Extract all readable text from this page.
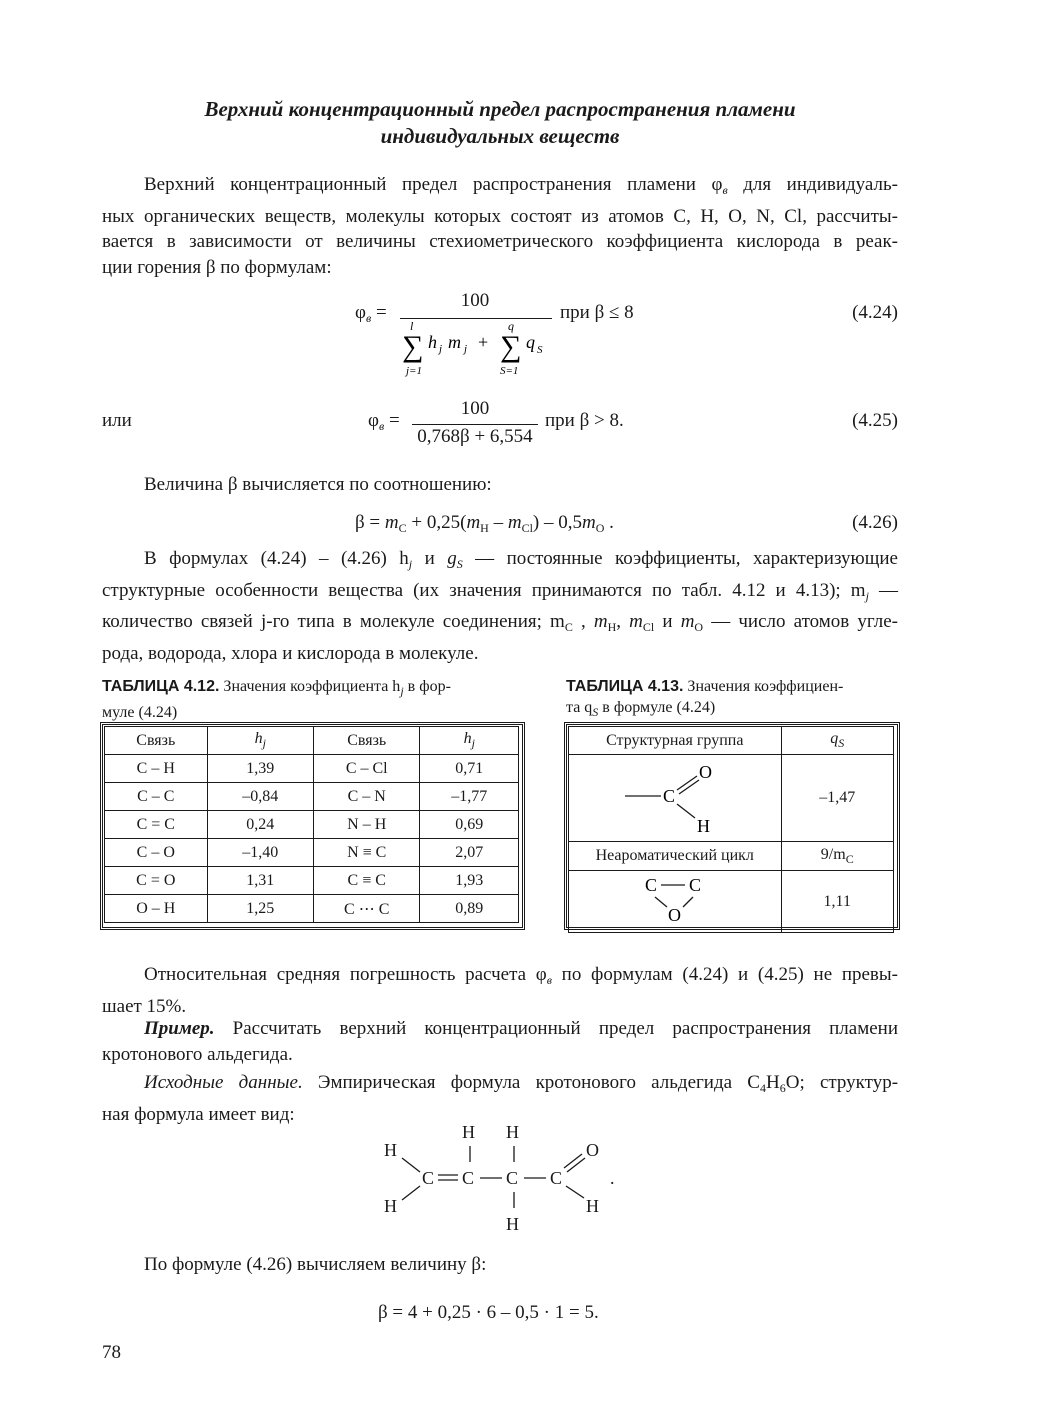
Верхний концентрационный предел распространения пламени
индивидуальных веществ

Верхний концентрационный предел распространения пламени $\varphi_в$ для индивидуаль-

ных органических веществ, молекулы которых состоят из атомов C, H, O, N, Cl, рассчиты-

вается в зависимости от величины стехиометрического коэффициента кислорода в реак-

ции горения β по формулам:

$\varphi_в$ =
100
l
∑
j=1
h j m j +
q
∑
S=1
q S
при β ≤ 8	(4.24)
или	$\varphi_в$ =
100
0,768β + 6,554
при β > 8.	(4.25)

Величина β вычисляется по соотношению:

$\beta = m_C + 0,25(m_H - m_{Cl}) - 0,5m_O$ .	(4.26)

В формулах (4.24) – (4.26) $h_j$ и $g_S$ — постоянные коэффициенты, характеризующие

структурные особенности вещества (их значения принимаются по табл. 4.12 и 4.13); $m_j$ —

количество связей j-го типа в молекуле соединения; $m_C$ , $m_H$, $m_{Cl}$ и $m_O$ — число атомов угле-

рода, водорода, хлора и кислорода в молекуле.

ТАБЛИЦА 4.12. Значения коэффициента $h_j$ в фор-
муле (4.24)
Связь	$h_j$	Связь	$h_j$
C – H	1,39	C – Cl	0,71
C – C	–0,84	C – N	–1,77
C = C	0,24	N – H	0,69
C – O	–1,40	N ≡ C	2,07
C = O	1,31	C ≡ C	1,93
O – H	1,25	C ⋯ C	0,89
ТАБЛИЦА 4.13. Значения коэффициен-
та $q_S$ в формуле (4.24)
Структурная группа	$q_S$

C
O
H	–1,47
Неароматический цикл	$9/m_C$

C C
O	1,11

Относительная средняя погрешность расчета $\varphi_в$ по формулам (4.24) и (4.25) не превы-

шает 15%.

Пример. Рассчитать верхний концентрационный предел распространения пламени

кротонового альдегида.

Исходные данные. Эмпирическая формула кротонового альдегида $C_4H_6O$; структур-

ная формула имеет вид:

H
H
C C C C
H H
H
O
H
.

По формуле (4.26) вычисляем величину β:

β = 4 + 0,25 · 6 – 0,5 · 1 = 5.
78
